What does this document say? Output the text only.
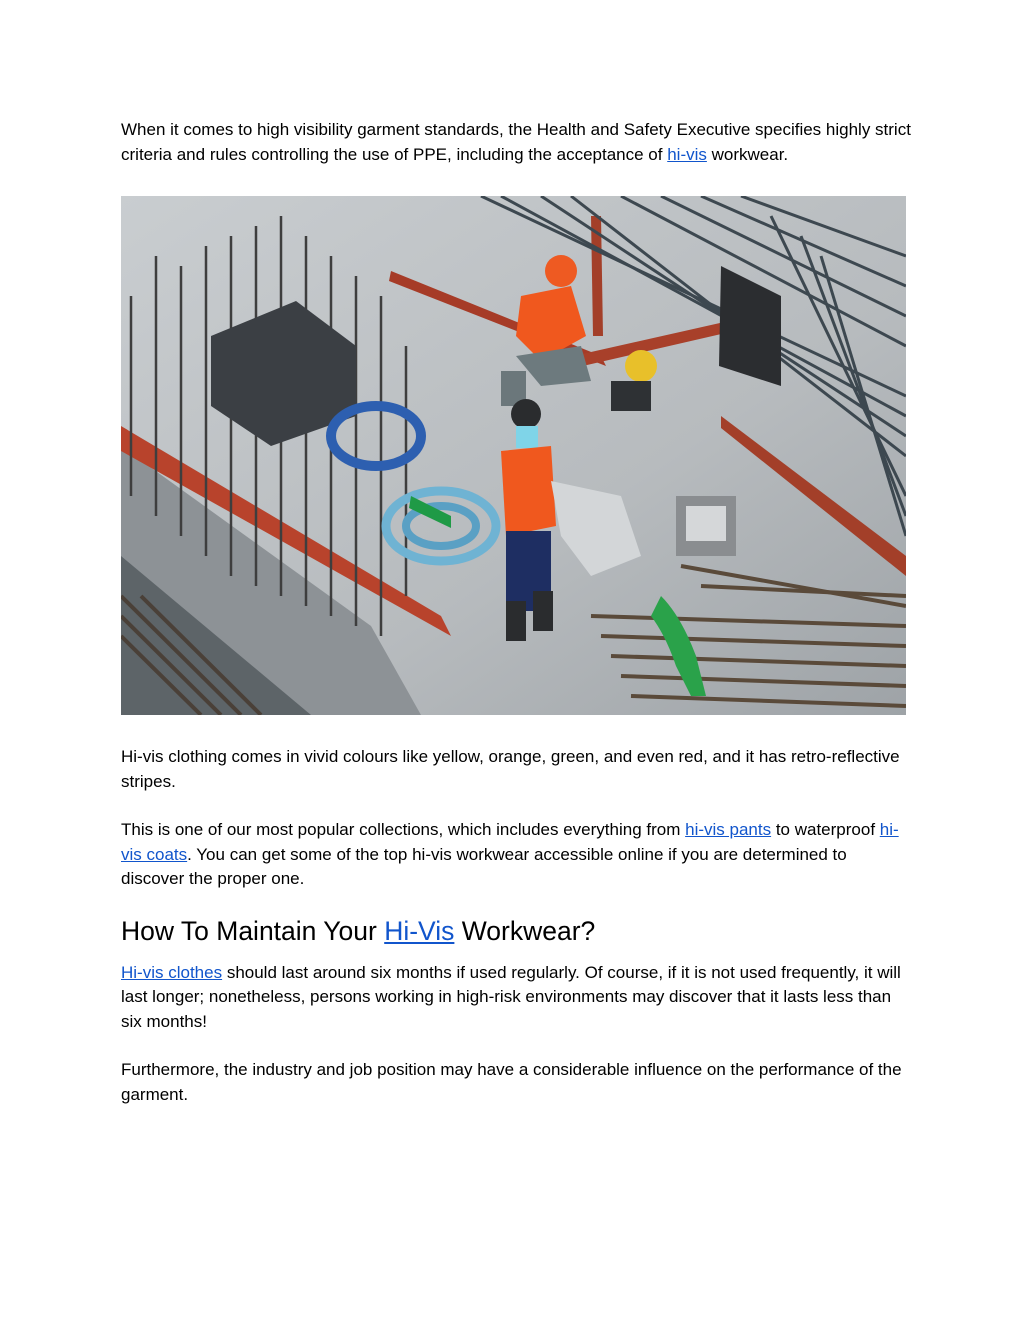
When it comes to high visibility garment standards, the Health and Safety Executive specifies highly strict criteria and rules controlling the use of PPE, including the acceptance of hi-vis workwear.

Hi-vis clothing comes in vivid colours like yellow, orange, green, and even red, and it has retro-reflective stripes.

This is one of our most popular collections, which includes everything from hi-vis pants to waterproof hi-vis coats. You can get some of the top hi-vis workwear accessible online if you are determined to discover the proper one.

How To Maintain Your Hi-Vis Workwear?

Hi-vis clothes should last around six months if used regularly. Of course, if it is not used frequently, it will last longer; nonetheless, persons working in high-risk environments may discover that it lasts less than six months!

Furthermore, the industry and job position may have a considerable influence on the performance of the garment.
